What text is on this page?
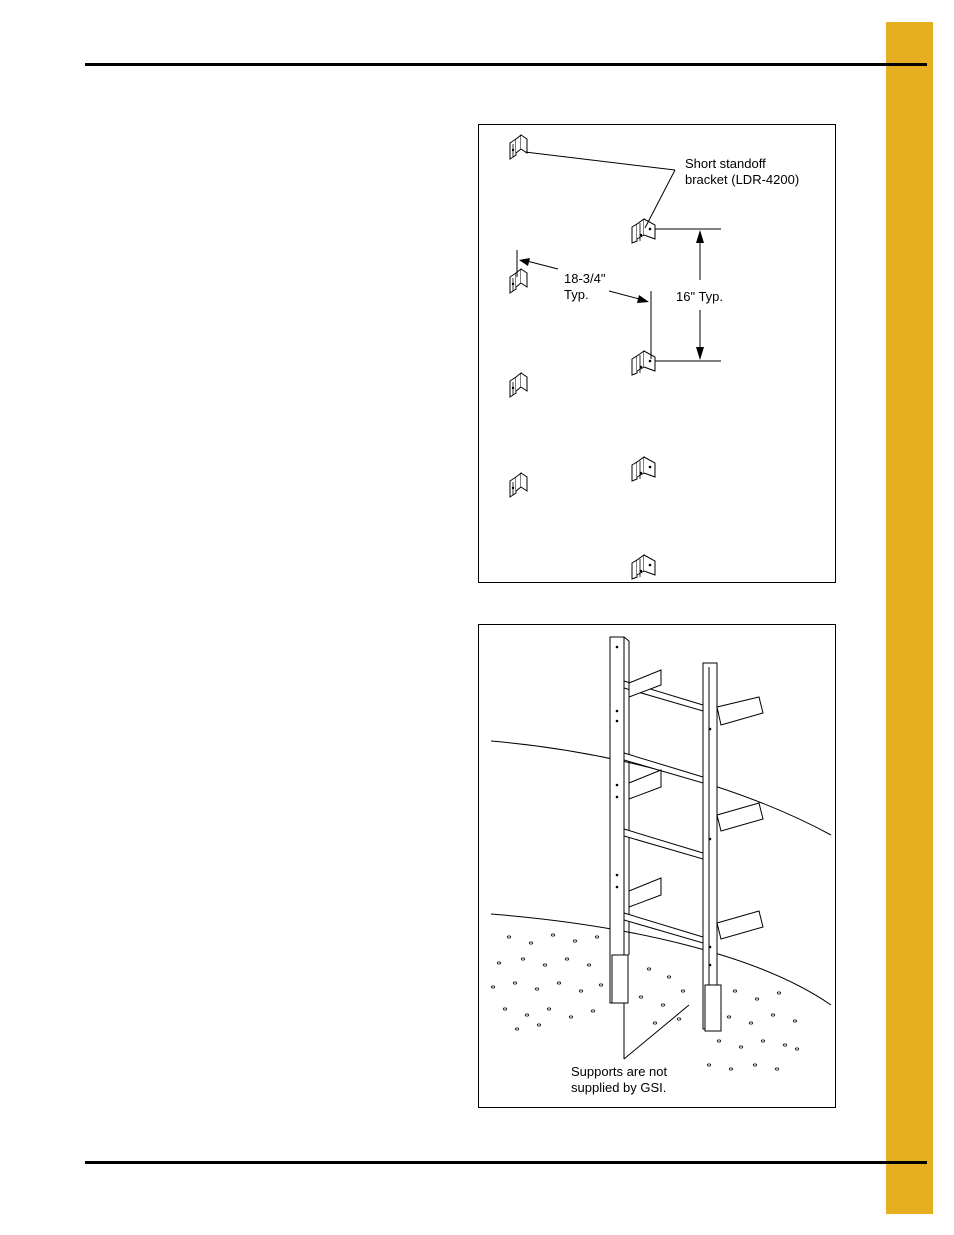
Short standoff
bracket (LDR-4200)
18-3/4"
Typ.	16" Typ.
Supports are not
supplied by GSI.
